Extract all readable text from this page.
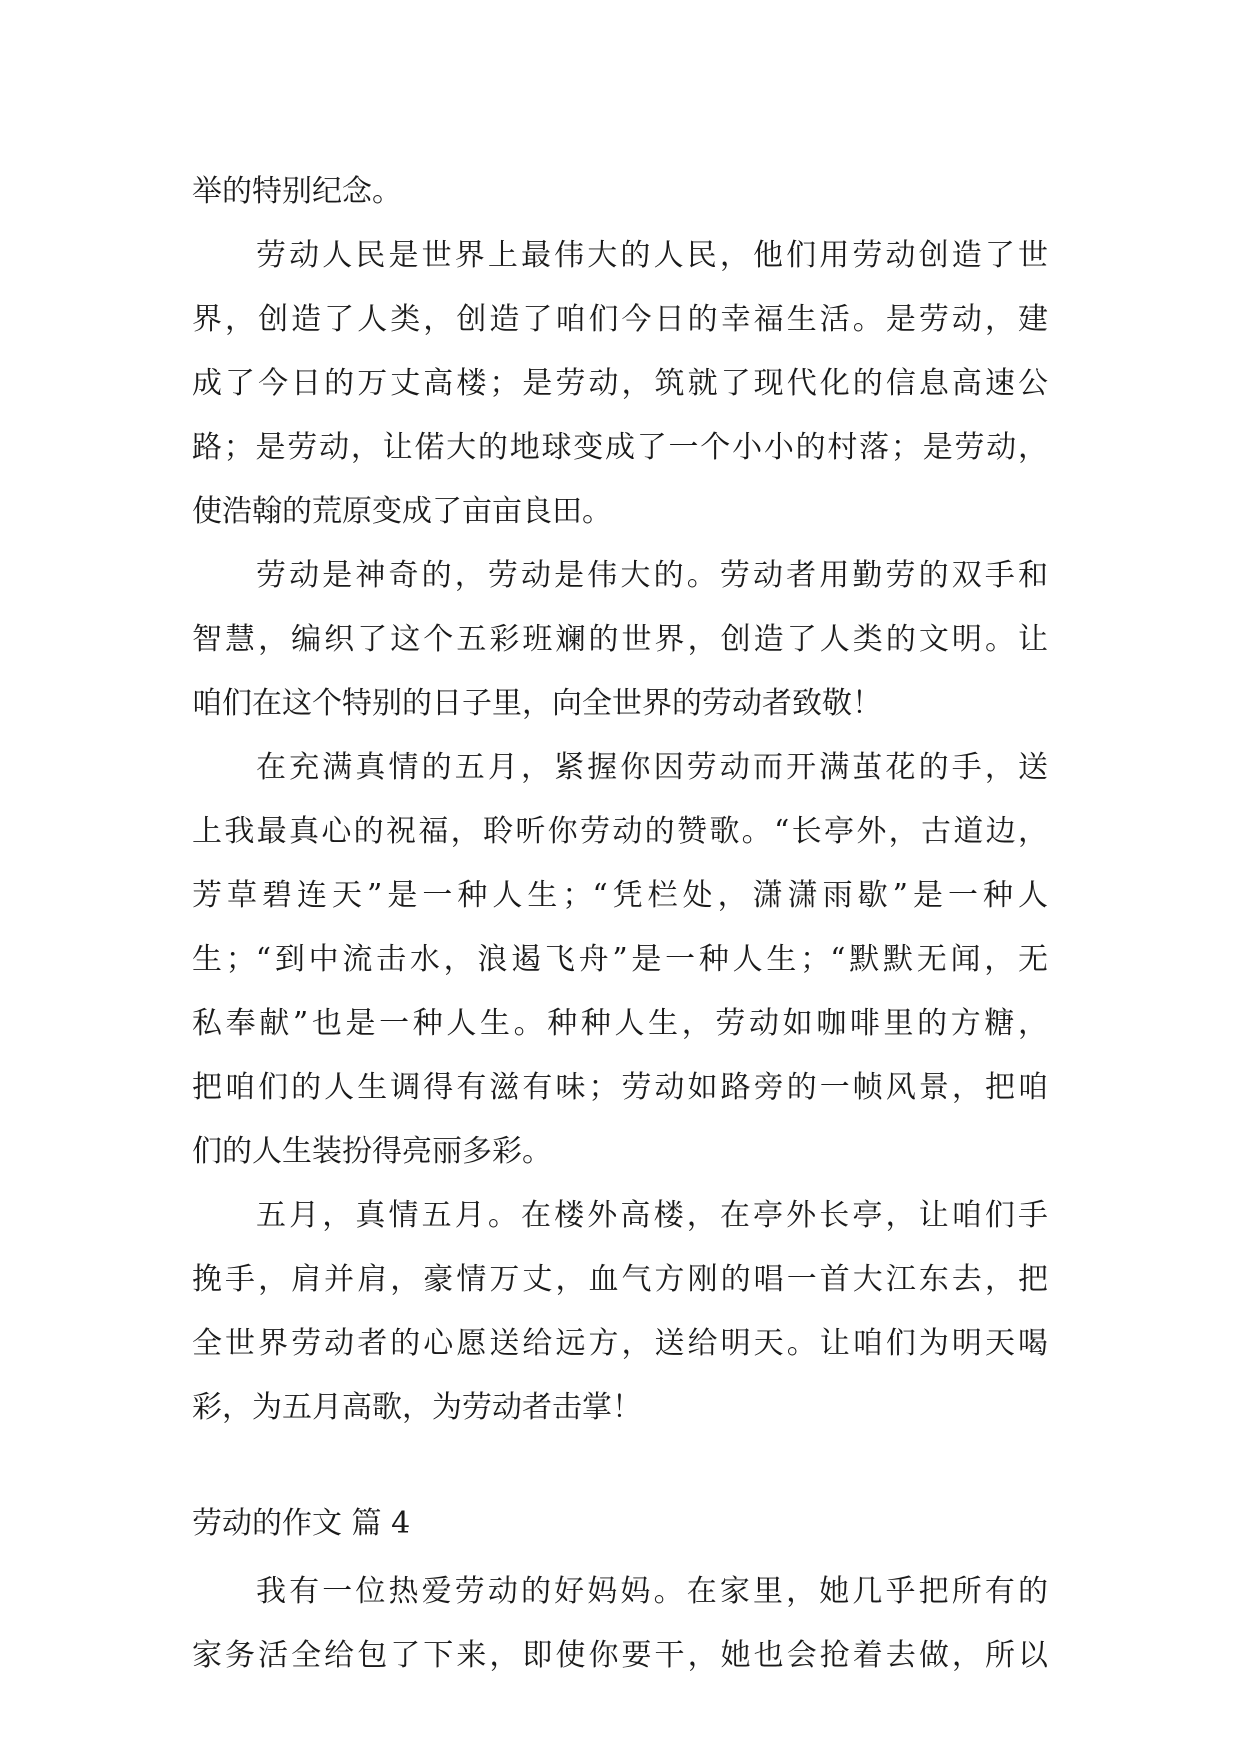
举的特别纪念。
劳动人民是世界上最伟大的人民，他们用劳动创造了世
界，创造了人类，创造了咱们今日的幸福生活。是劳动，建
成了今日的万丈高楼；是劳动，筑就了现代化的信息高速公
路；是劳动，让偌大的地球变成了一个小小的村落；是劳动，
使浩翰的荒原变成了亩亩良田。
劳动是神奇的，劳动是伟大的。劳动者用勤劳的双手和
智慧，编织了这个五彩班斓的世界，创造了人类的文明。让
咱们在这个特别的日子里，向全世界的劳动者致敬！
在充满真情的五月，紧握你因劳动而开满茧花的手，送
上我最真心的祝福，聆听你劳动的赞歌。“长亭外，古道边，
芳草碧连天”是一种人生；“凭栏处，潇潇雨歇”是一种人
生；“到中流击水，浪遏飞舟”是一种人生；“默默无闻，无
私奉献”也是一种人生。种种人生，劳动如咖啡里的方糖，
把咱们的人生调得有滋有味；劳动如路旁的一帧风景，把咱
们的人生装扮得亮丽多彩。
五月，真情五月。在楼外高楼，在亭外长亭，让咱们手
挽手，肩并肩，豪情万丈，血气方刚的唱一首大江东去，把
全世界劳动者的心愿送给远方，送给明天。让咱们为明天喝
彩，为五月高歌，为劳动者击掌！
劳动的作文 篇 4
我有一位热爱劳动的好妈妈。在家里，她几乎把所有的
家务活全给包了下来，即使你要干，她也会抢着去做，所以
